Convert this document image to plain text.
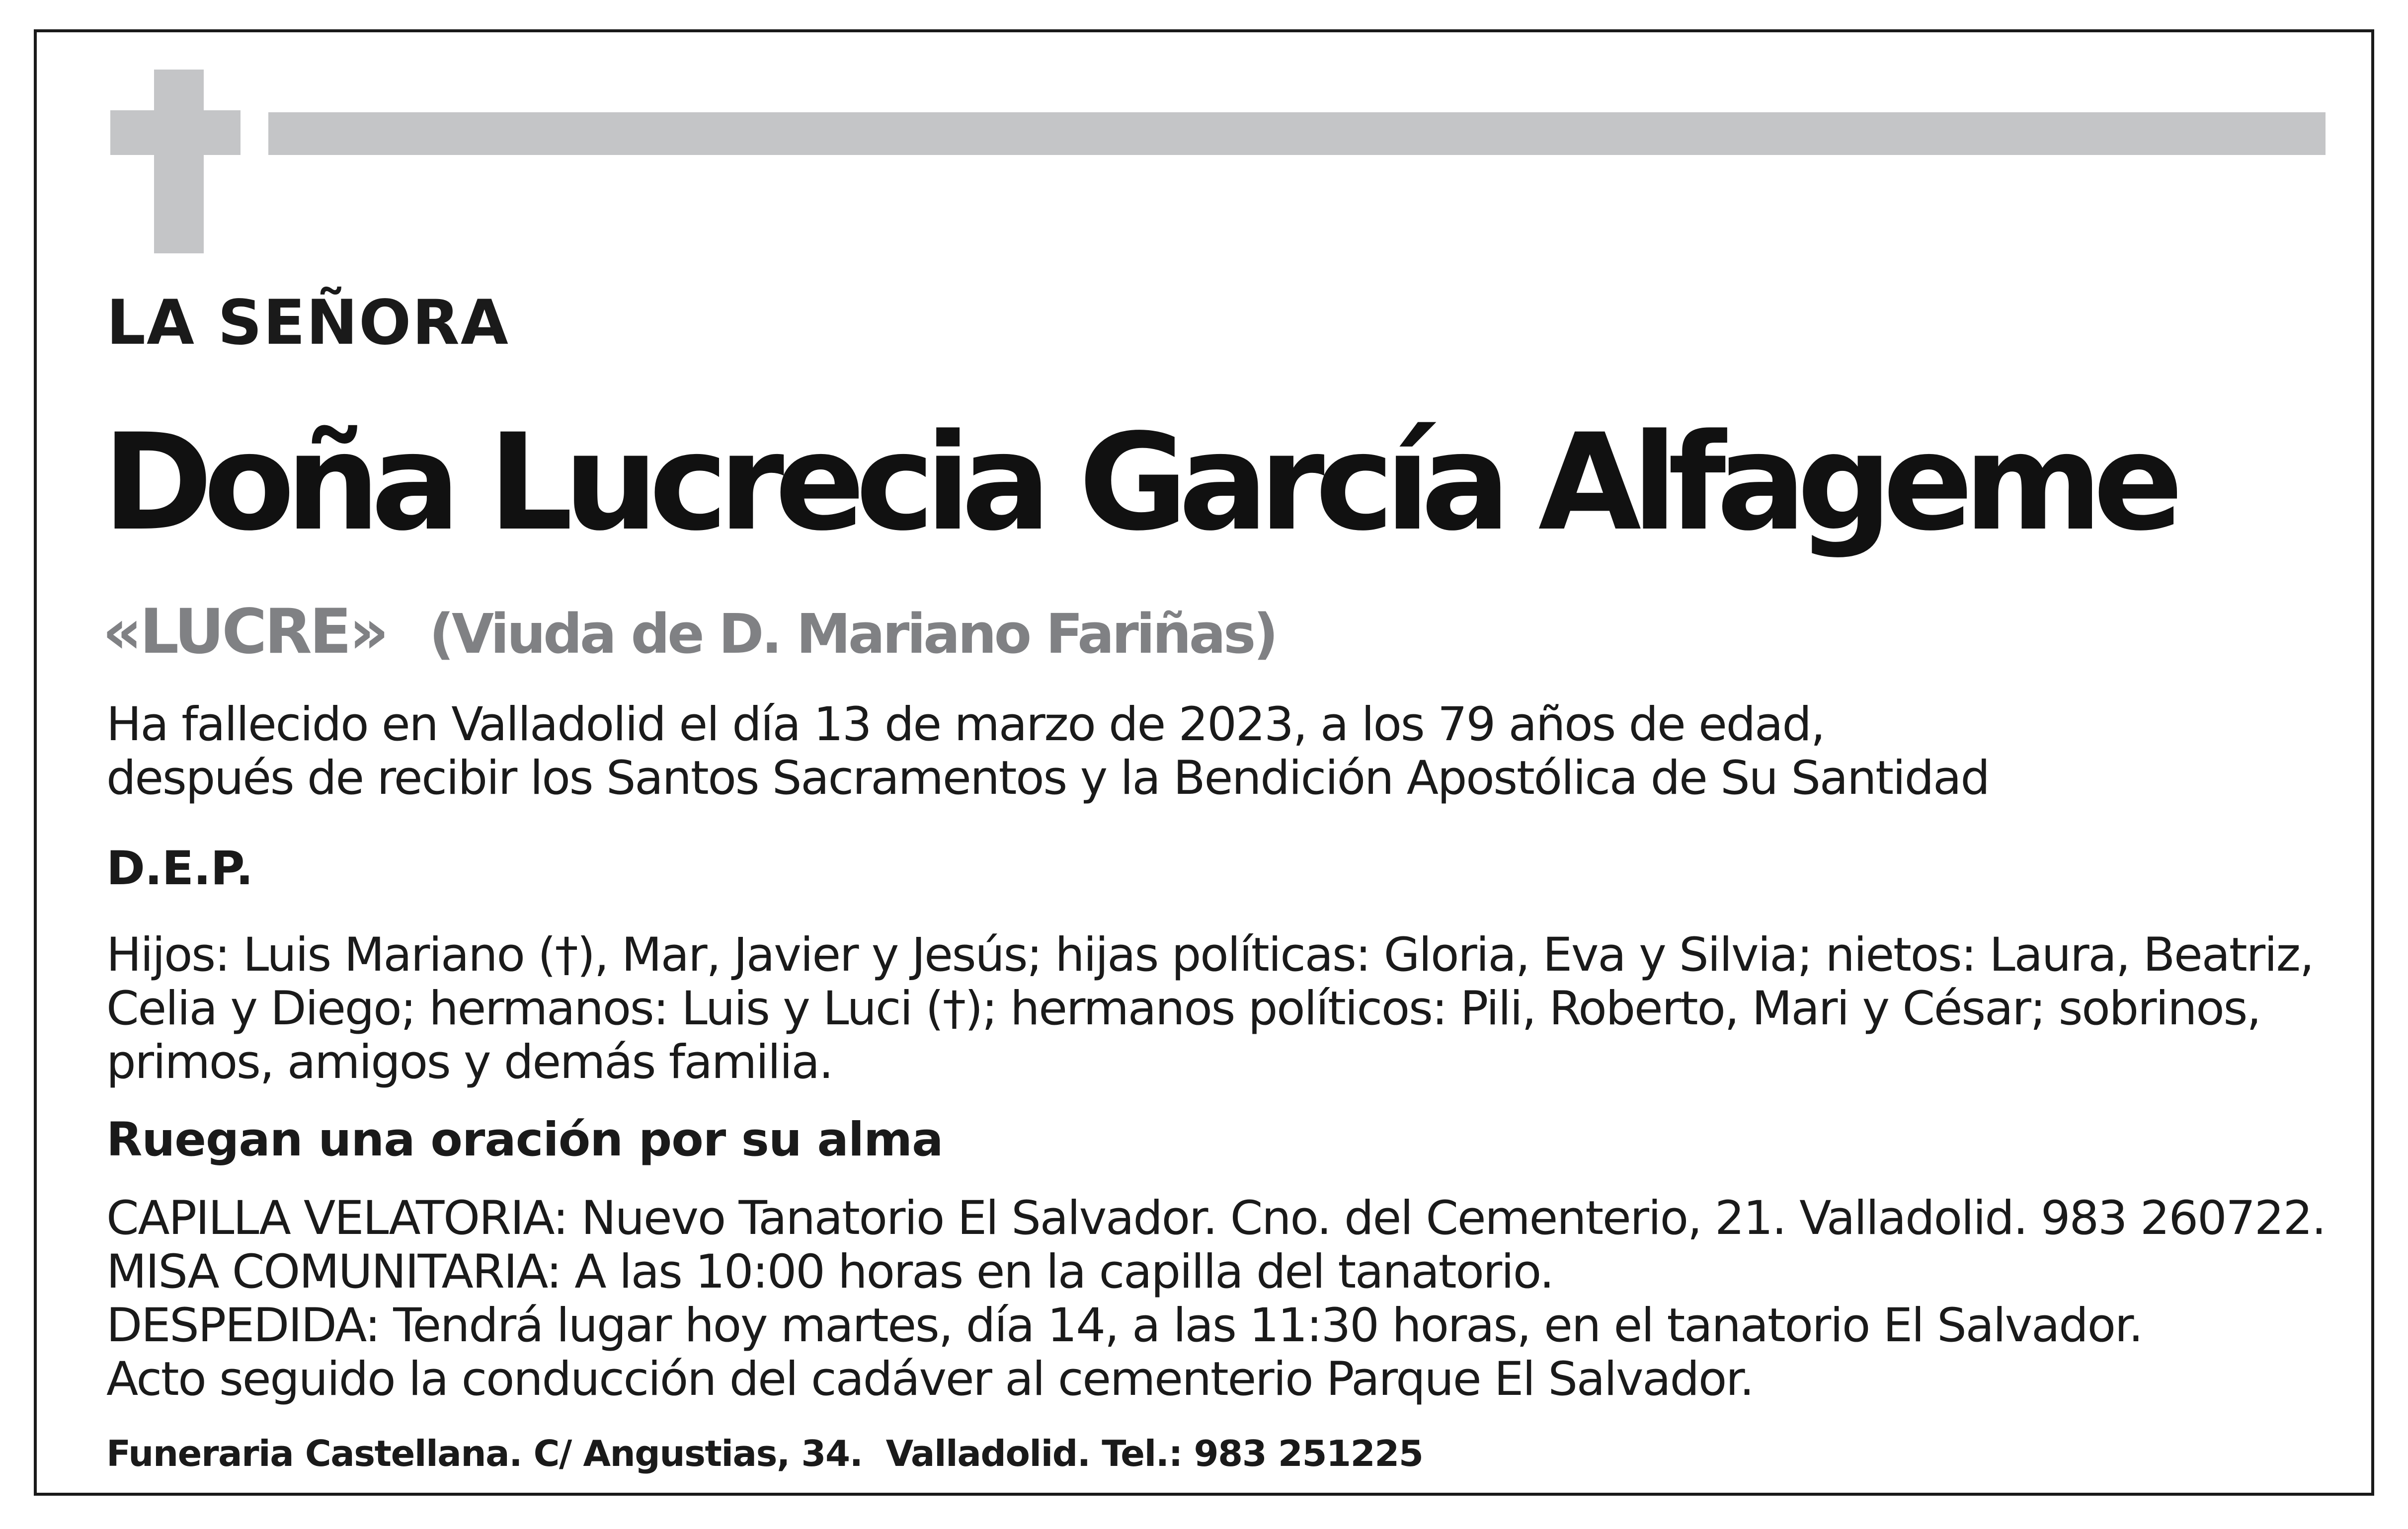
LA SEÑORA
Doña Lucrecia García Alfageme
«LUCRE» (Viuda de D. Mariano Fariñas)
Ha fallecido en Valladolid el día 13 de marzo de 2023, a los 79 años de edad,
después de recibir los Santos Sacramentos y la Bendición Apostólica de Su Santidad
D.E.P.
Hijos: Luis Mariano (†), Mar, Javier y Jesús; hijas políticas: Gloria, Eva y Silvia; nietos: Laura, Beatriz,
Celia y Diego; hermanos: Luis y Luci (†); hermanos políticos: Pili, Roberto, Mari y César; sobrinos,
primos, amigos y demás familia.
Ruegan una oración por su alma
CAPILLA VELATORIA: Nuevo Tanatorio El Salvador. Cno. del Cementerio, 21. Valladolid. 983 260722.
MISA COMUNITARIA: A las 10:00 horas en la capilla del tanatorio.
DESPEDIDA: Tendrá lugar hoy martes, día 14, a las 11:30 horas, en el tanatorio El Salvador.
Acto seguido la conducción del cadáver al cementerio Parque El Salvador.
Funeraria Castellana. C/ Angustias, 34.  Valladolid. Tel.: 983 251225
